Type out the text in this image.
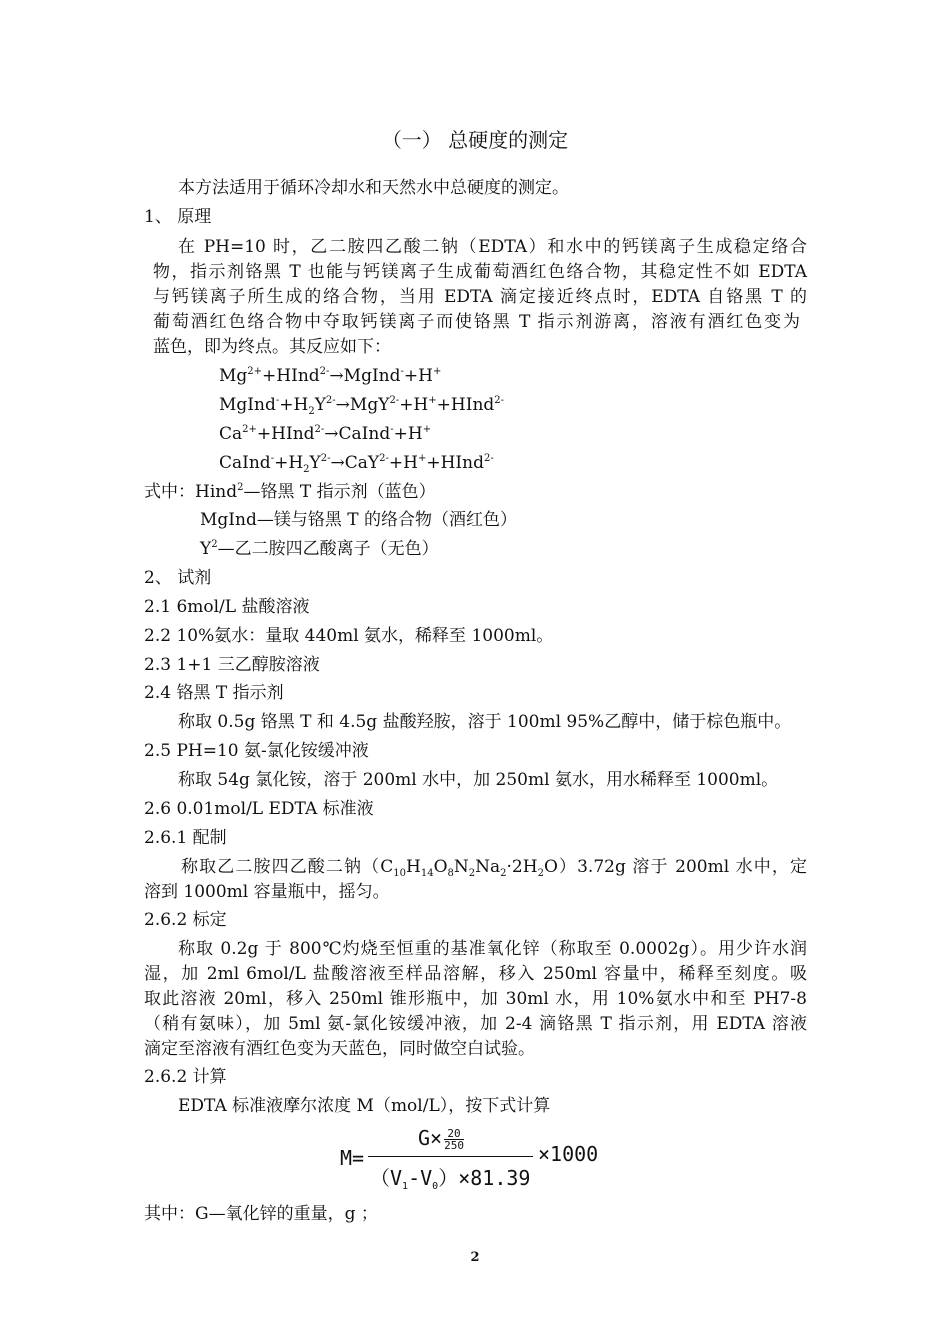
（一） 总硬度的测定
本方法适用于循环冷却水和天然水中总硬度的测定。
1、 原理
在 PH=10 时，乙二胺四乙酸二钠（EDTA）和水中的钙镁离子生成稳定络合
物，指示剂铬黑 T 也能与钙镁离子生成葡萄酒红色络合物，其稳定性不如 EDTA
与钙镁离子所生成的络合物，当用 EDTA 滴定接近终点时，EDTA 自铬黑 T 的
葡萄酒红色络合物中夺取钙镁离子而使铬黑 T 指示剂游离，溶液有酒红色变为
蓝色，即为终点。其反应如下：
$Mg^{2+}+HInd^{2-}\to MgInd^-+H^+$
$MgInd^-+H_2Y^{2-}\to MgY^{2-}+H^++HInd^{2-}$
$Ca^{2+}+HInd^{2-}\to CaInd^-+H^+$
$CaInd^-+H_2Y^{2-}\to CaY^{2-}+H^++HInd^{2-}$
式中：Hind$^2$—铬黑 T 指示剂（蓝色）
MgInd—镁与铬黑 T 的络合物（酒红色）
$Y^2—$乙二胺四乙酸离子（无色）
2、 试剂
2.1 6mol/L 盐酸溶液
2.2 10%氨水：量取 440ml 氨水，稀释至 1000ml。
2.3 1+1 三乙醇胺溶液
2.4 铬黑 T 指示剂
称取 0.5g 铬黑 T 和 4.5g 盐酸羟胺，溶于 100ml 95%乙醇中，储于棕色瓶中。
2.5 PH=10 氨-氯化铵缓冲液
称取 54g 氯化铵，溶于 200ml 水中，加 250ml 氨水，用水稀释至 1000ml。
2.6 0.01mol/L EDTA 标准液
2.6.1 配制
称取乙二胺四乙酸二钠$(C_{10}H_{14}O_8N_2Na_2\cdot 2H_2O)3.72g$ 溶于 200ml 水中，定
溶到 1000ml 容量瓶中，摇匀。
2.6.2 标定
称取 0.2g 于 800℃灼烧至恒重的基准氧化锌（称取至 0.0002g）。用少许水润
湿，加 2ml 6mol/L 盐酸溶液至样品溶解，移入 250ml 容量中，稀释至刻度。吸
取此溶液 20ml，移入 250ml 锥形瓶中，加 30ml 水，用 10%氨水中和至 PH7-8
（稍有氨味），加 5ml 氨-氯化铵缓冲液，加 2-4 滴铬黑 T 指示剂，用 EDTA 溶液
滴定至溶液有酒红色变为天蓝色，同时做空白试验。
2.6.2 计算
EDTA 标准液摩尔浓度 M（mol/L），按下式计算
M=
$G\times \frac{20}{250}$
$(V_1-V_0)\times 81.39$
×1000
其中：G—氧化锌的重量，g ；
2
